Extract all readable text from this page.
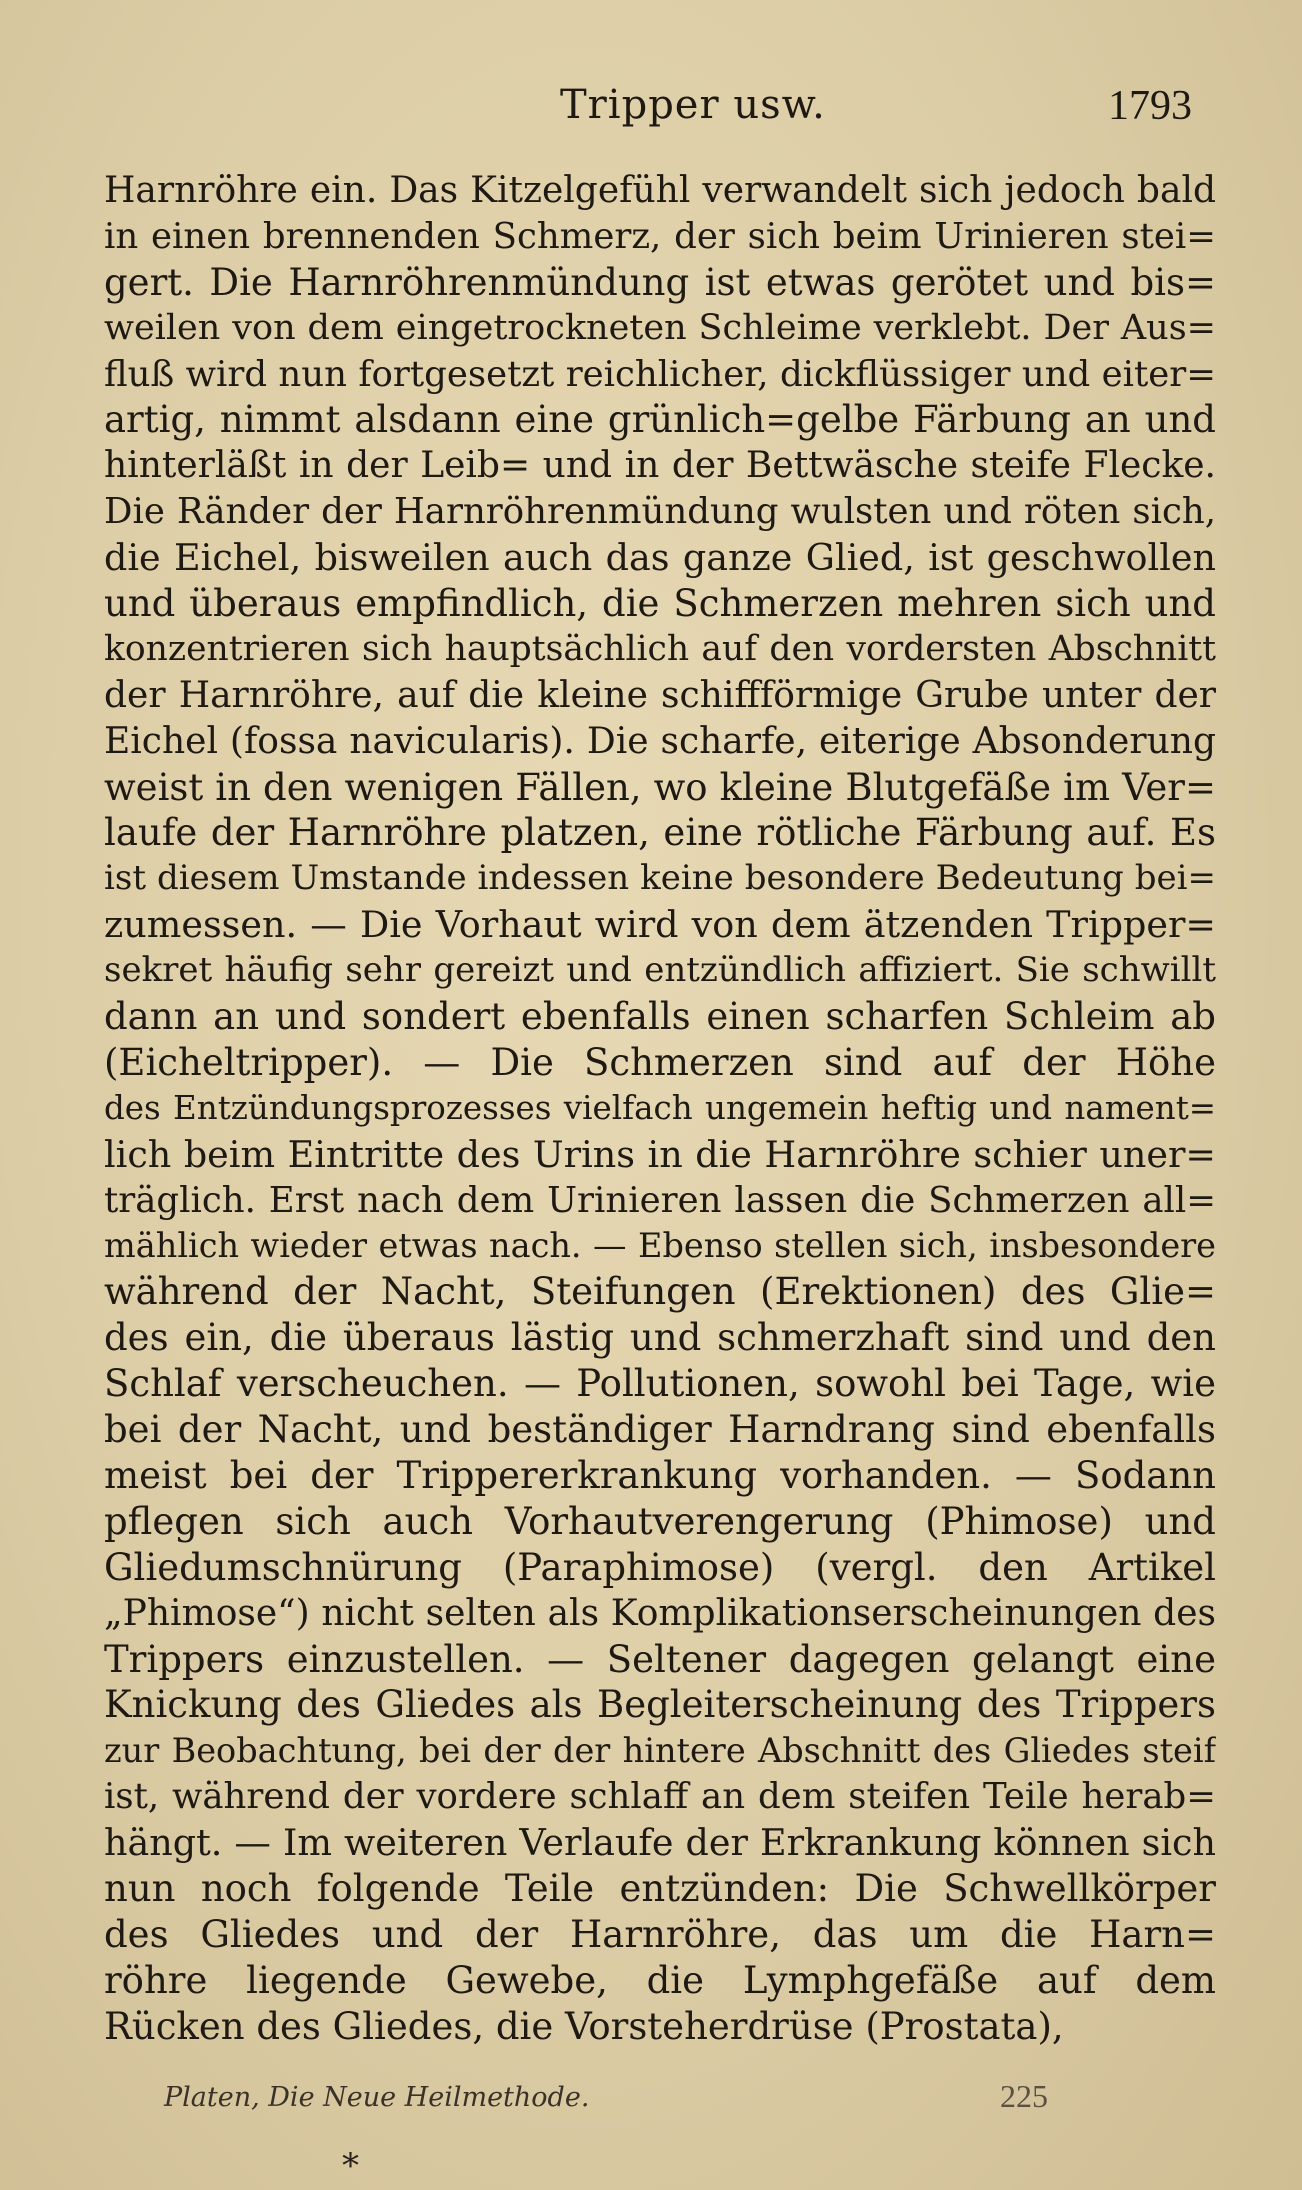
Tripper usw.	1793
Harnröhre ein. Das Kitzelgefühl verwandelt sich jedoch bald
in einen brennenden Schmerz, der sich beim Urinieren stei=
gert. Die Harnröhrenmündung ist etwas gerötet und bis=
weilen von dem eingetrockneten Schleime verklebt. Der Aus=
fluß wird nun fortgesetzt reichlicher, dickflüssiger und eiter=
artig, nimmt alsdann eine grünlich=gelbe Färbung an und
hinterläßt in der Leib= und in der Bettwäsche steife Flecke.
Die Ränder der Harnröhrenmündung wulsten und röten sich,
die Eichel, bisweilen auch das ganze Glied, ist geschwollen
und überaus empfindlich, die Schmerzen mehren sich und
konzentrieren sich hauptsächlich auf den vordersten Abschnitt
der Harnröhre, auf die kleine schiffförmige Grube unter der
Eichel (fossa navicularis). Die scharfe, eiterige Absonderung
weist in den wenigen Fällen, wo kleine Blutgefäße im Ver=
laufe der Harnröhre platzen, eine rötliche Färbung auf. Es
ist diesem Umstande indessen keine besondere Bedeutung bei=
zumessen. — Die Vorhaut wird von dem ätzenden Tripper=
sekret häufig sehr gereizt und entzündlich affiziert. Sie schwillt
dann an und sondert ebenfalls einen scharfen Schleim ab
(Eicheltripper). — Die Schmerzen sind auf der Höhe
des Entzündungsprozesses vielfach ungemein heftig und nament=
lich beim Eintritte des Urins in die Harnröhre schier uner=
träglich. Erst nach dem Urinieren lassen die Schmerzen all=
mählich wieder etwas nach. — Ebenso stellen sich, insbesondere
während der Nacht, Steifungen (Erektionen) des Glie=
des ein, die überaus lästig und schmerzhaft sind und den
Schlaf verscheuchen. — Pollutionen, sowohl bei Tage, wie
bei der Nacht, und beständiger Harndrang sind ebenfalls
meist bei der Trippererkrankung vorhanden. — Sodann
pflegen sich auch Vorhautverengerung (Phimose) und
Gliedumschnürung (Paraphimose) (vergl. den Artikel
„Phimose“) nicht selten als Komplikationserscheinungen des
Trippers einzustellen. — Seltener dagegen gelangt eine
Knickung des Gliedes als Begleiterscheinung des Trippers
zur Beobachtung, bei der der hintere Abschnitt des Gliedes steif
ist, während der vordere schlaff an dem steifen Teile herab=
hängt. — Im weiteren Verlaufe der Erkrankung können sich
nun noch folgende Teile entzünden: Die Schwellkörper
des Gliedes und der Harnröhre, das um die Harn=
röhre liegende Gewebe, die Lymphgefäße auf dem
Rücken des Gliedes, die Vorsteherdrüse (Prostata),
Platen, Die Neue Heilmethode.	225
*
